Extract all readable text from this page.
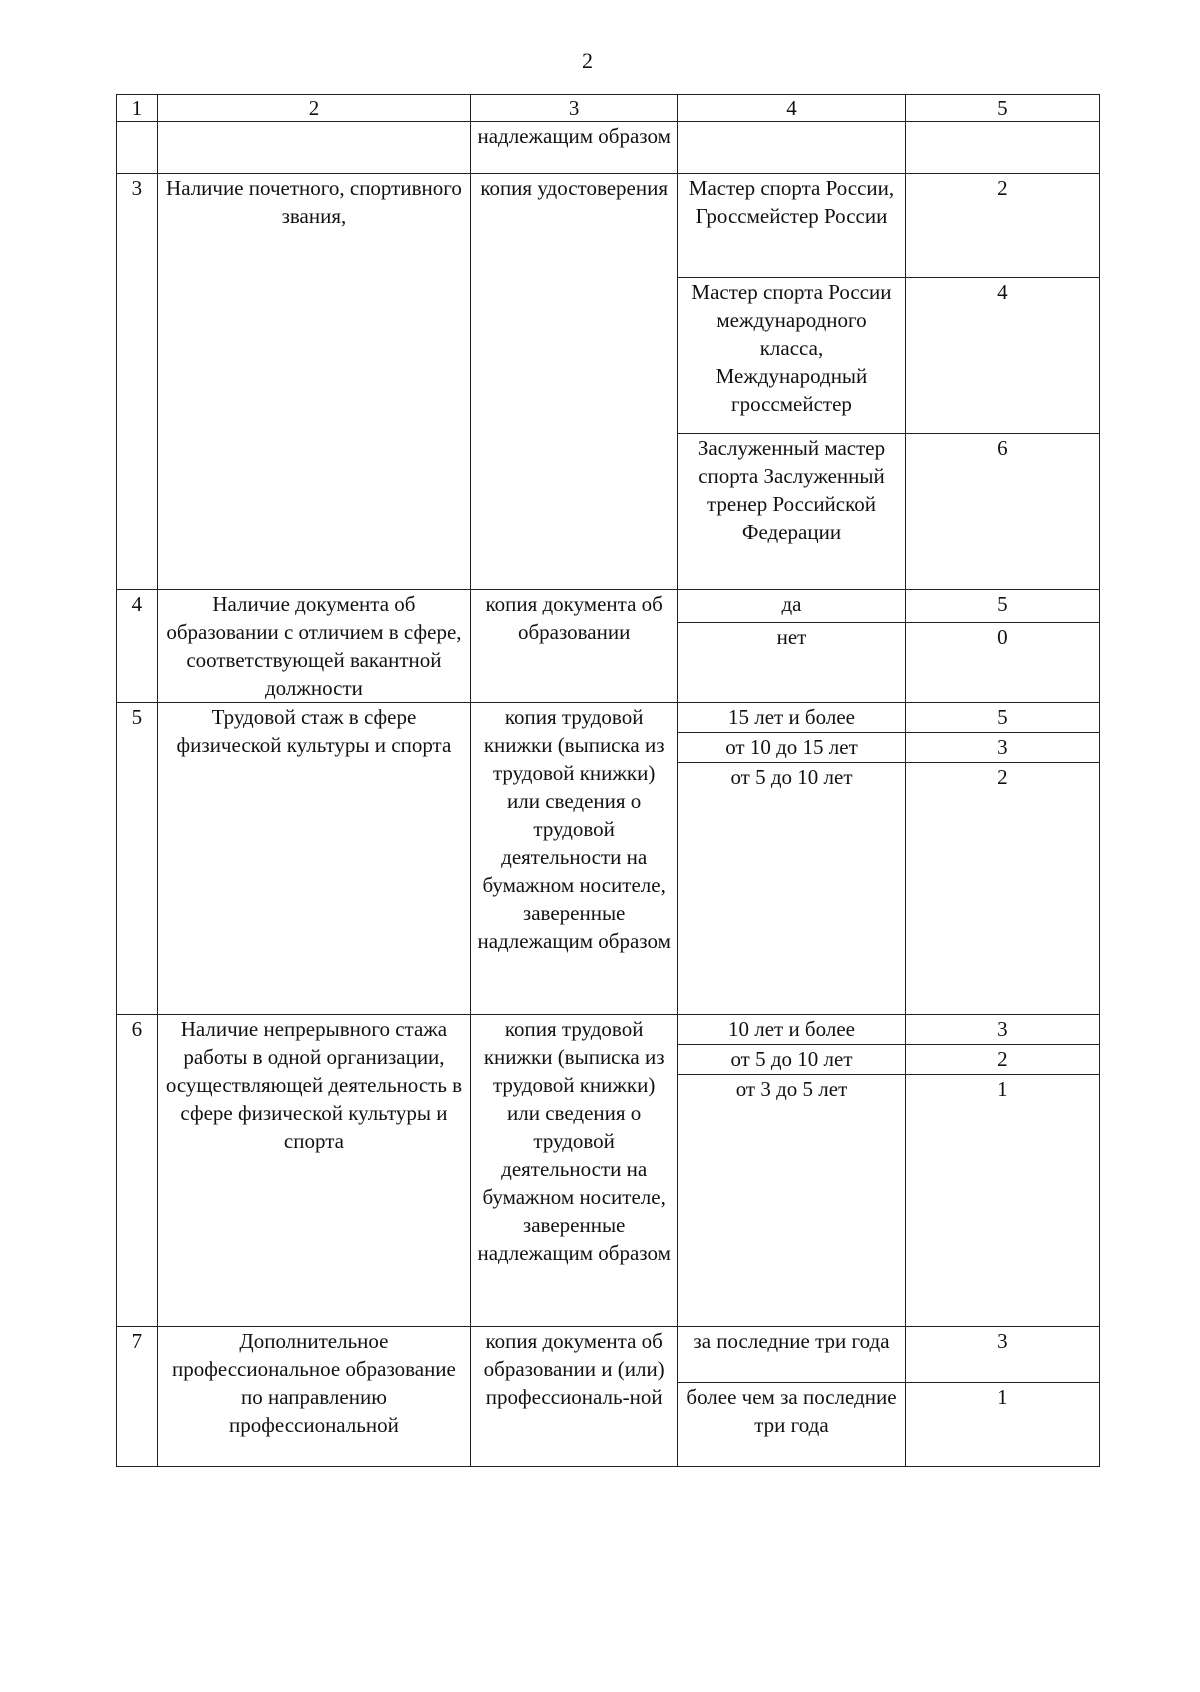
2
1	2	3	4	5
		надлежащим образом		
3	Наличие почетного, спортивного звания,	копия удостоверения	Мастер спорта России, Гроссмейстер России	2
			Мастер спорта России международного класса, Международный гроссмейстер	4
			Заслуженный мастер спорта Заслуженный тренер Российской Федерации	6
4	Наличие документа об образовании с отличием в сфере, соответствующей вакантной должности	копия документа об образовании	да	5
			нет	0
5	Трудовой стаж в сфере физической культуры и спорта	копия трудовой книжки (выписка из трудовой книжки) или сведения о трудовой деятельности на бумажном носителе, заверенные надлежащим образом	15 лет и более	5
			от 10 до 15 лет	3
			от 5 до 10 лет	2
6	Наличие непрерывного стажа работы в одной организации, осуществляющей деятельность в сфере физической культуры и спорта	копия трудовой книжки (выписка из трудовой книжки) или сведения о трудовой деятельности на бумажном носителе, заверенные надлежащим образом	10 лет и более	3
			от 5 до 10 лет	2
			от 3 до 5 лет	1
7	Дополнительное профессиональное образование по направлению профессиональной	копия документа об образовании и (или) профессиональ-ной	за последние три года	3
			более чем за последние три года	1
